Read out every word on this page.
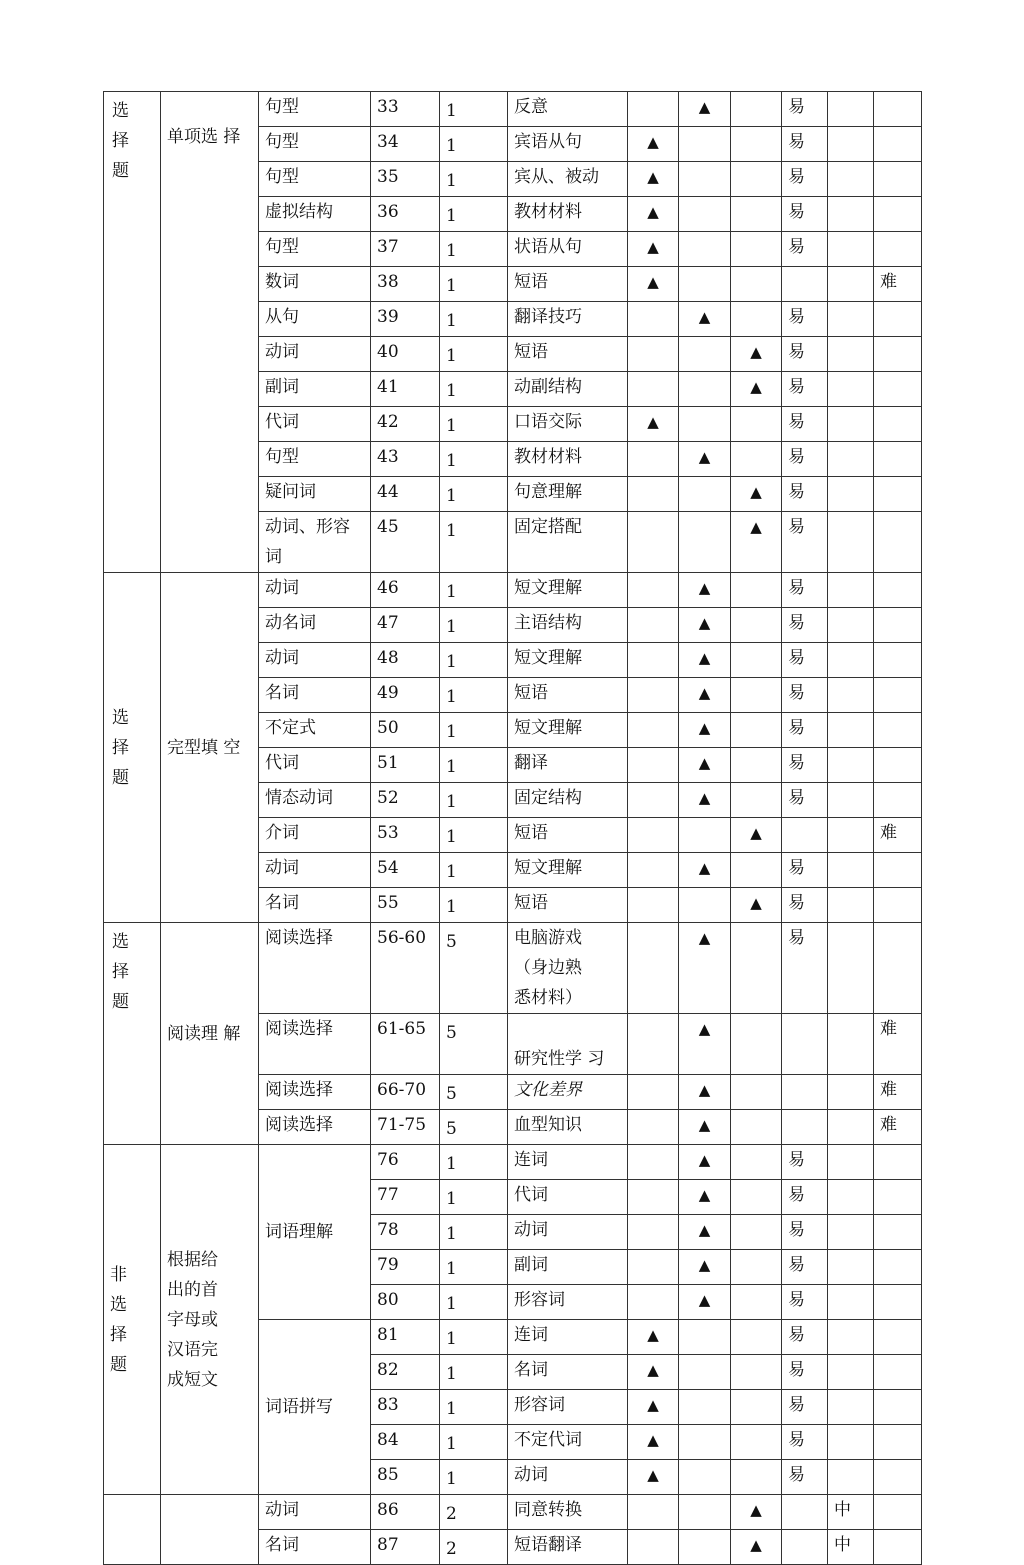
选
择
题	单项选 择	句型	33	1	反意		▲		易		
		句型	34	1	宾语从句	▲			易		
		句型	35	1	宾从、被动	▲			易		
		虚拟结构	36	1	教材材料	▲			易		
		句型	37	1	状语从句	▲			易		
		数词	38	1	短语	▲					难
		从句	39	1	翻译技巧		▲		易		
		动词	40	1	短语			▲	易		
		副词	41	1	动副结构			▲	易		
		代词	42	1	口语交际	▲			易		
		句型	43	1	教材材料		▲		易		
		疑问词	44	1	句意理解			▲	易		
		动词、形容词	45	1	固定搭配			▲	易		
选
择
题	完型填 空	动词	46	1	短文理解		▲		易		
		动名词	47	1	主语结构		▲		易		
		动词	48	1	短文理解		▲		易		
		名词	49	1	短语		▲		易		
		不定式	50	1	短文理解		▲		易		
		代词	51	1	翻译		▲		易		
		情态动词	52	1	固定结构		▲		易		
		介词	53	1	短语			▲			难
		动词	54	1	短文理解		▲		易		
		名词	55	1	短语			▲	易		
选
择
题	阅读理 解	阅读选择	56-60	5	电脑游戏
（身边熟
悉材料）		▲		易		
		阅读选择	61-65	5	研究性学 习		▲				难
		阅读选择	66-70	5	文化差界		▲				难
		阅读选择	71-75	5	血型知识		▲				难
非
选
择
题	根据给
出的首
字母或
汉语完
成短文	词语理解	76	1	连词		▲		易		
			77	1	代词		▲		易		
			78	1	动词		▲		易		
			79	1	副词		▲		易		
			80	1	形容词		▲		易		
		词语拼写	81	1	连词	▲			易		
			82	1	名词	▲			易		
			83	1	形容词	▲			易		
			84	1	不定代词	▲			易		
			85	1	动词	▲			易		
		动词	86	2	同意转换			▲		中	
		名词	87	2	短语翻译			▲		中	
